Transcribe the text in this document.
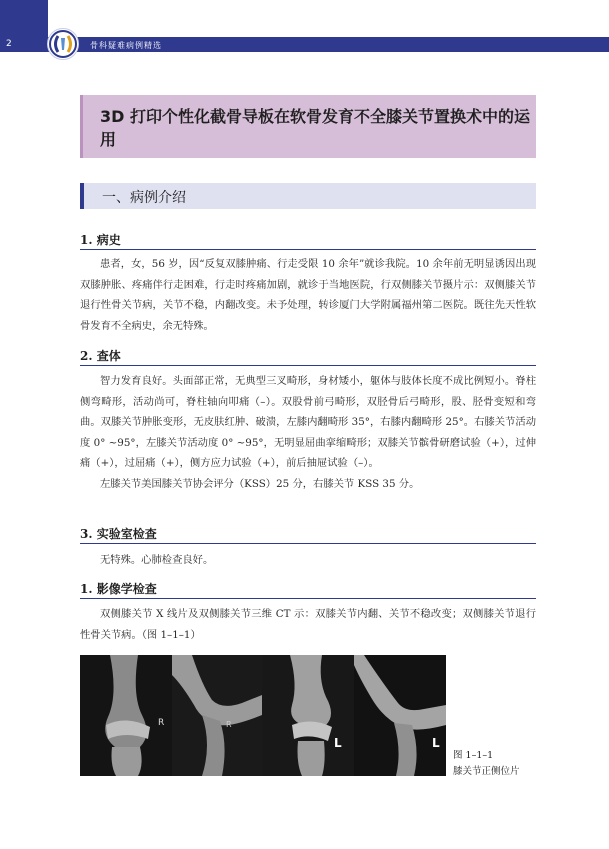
2	骨科疑难病例精选
3D 打印个性化截骨导板在软骨发育不全膝关节置换术中的运用
一、病例介绍
1. 病史

患者，女，56 岁，因“反复双膝肿痛、行走受限 10 余年”就诊我院。10 余年前无明显诱因出现双膝肿胀、疼痛伴行走困难，行走时疼痛加剧，就诊于当地医院，行双侧膝关节摄片示：双侧膝关节退行性骨关节病，关节不稳，内翻改变。未予处理，转诊厦门大学附属福州第二医院。既往先天性软骨发育不全病史，余无特殊。

2. 查体

智力发育良好。头面部正常，无典型三叉畸形，身材矮小，躯体与肢体长度不成比例短小。脊柱侧弯畸形，活动尚可，脊柱轴向叩痛（–）。双股骨前弓畸形，双胫骨后弓畸形，股、胫骨变短和弯曲。双膝关节肿胀变形，无皮肤红肿、破溃，左膝内翻畸形 35°，右膝内翻畸形 25°。右膝关节活动度 0° ~95°，左膝关节活动度 0° ~95°，无明显屈曲挛缩畸形；双膝关节髌骨研磨试验（+），过伸痛（+），过屈痛（+），侧方应力试验（+），前后抽屉试验（–）。

左膝关节美国膝关节协会评分（KSS）25 分，右膝关节 KSS 35 分。

3. 实验室检查

无特殊。心肺检查良好。

1. 影像学检查

双侧膝关节 X 线片及双侧膝关节三维 CT 示：双膝关节内翻、关节不稳改变；双侧膝关节退行性骨关节病。（图 1–1–1）

R	R
L	L
图 1–1–1
膝关节正侧位片
